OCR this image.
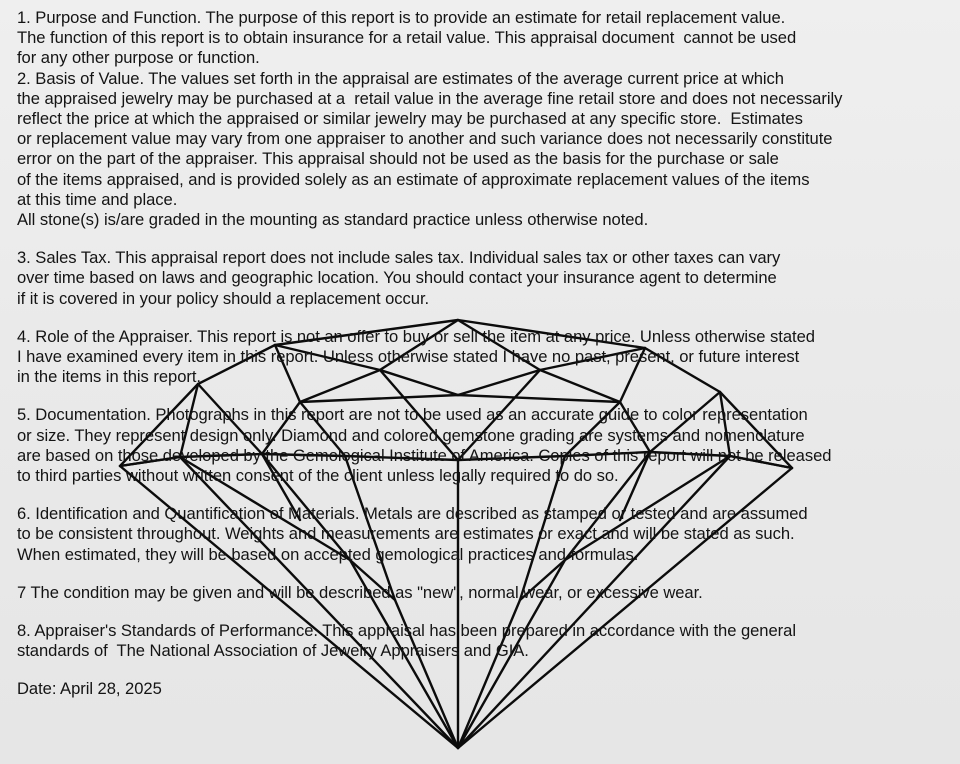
1. Purpose and Function. The purpose of this report is to provide an estimate for retail replacement value.
The function of this report is to obtain insurance for a retail value. This appraisal document  cannot be used
for any other purpose or function.
2. Basis of Value. The values set forth in the appraisal are estimates of the average current price at which
the appraised jewelry may be purchased at a  retail value in the average fine retail store and does not necessarily
reflect the price at which the appraised or similar jewelry may be purchased at any specific store.  Estimates
or replacement value may vary from one appraiser to another and such variance does not necessarily constitute
error on the part of the appraiser. This appraisal should not be used as the basis for the purchase or sale
of the items appraised, and is provided solely as an estimate of approximate replacement values of the items
at this time and place.
All stone(s) is/are graded in the mounting as standard practice unless otherwise noted.
3. Sales Tax. This appraisal report does not include sales tax. Individual sales tax or other taxes can vary
over time based on laws and geographic location. You should contact your insurance agent to determine
if it is covered in your policy should a replacement occur.
4. Role of the Appraiser. This report is not an offer to buy or sell the item at any price. Unless otherwise stated
I have examined every item in this report. Unless otherwise stated I have no past, present, or future interest
in the items in this report.
5. Documentation. Photographs in this report are not to be used as an accurate guide to color representation
or size. They represent design only. Diamond and colored gemstone grading are systems and nomenclature
are based on those developed by the Gemological Institute of America. Copies of this report will not be released
to third parties without written consent of the client unless legally required to do so.
6. Identification and Quantification of Materials. Metals are described as stamped or tested and are assumed
to be consistent throughout. Weights and measurements are estimates or exact and will be stated as such.
When estimated, they will be based on accepted gemological practices and formulas.
7 The condition may be given and will be described as "new", normal wear, or excessive wear.
8. Appraiser's Standards of Performance. This appraisal has been prepared in accordance with the general
standards of  The National Association of Jewelry Appraisers and GIA.
Date: April 28, 2025
